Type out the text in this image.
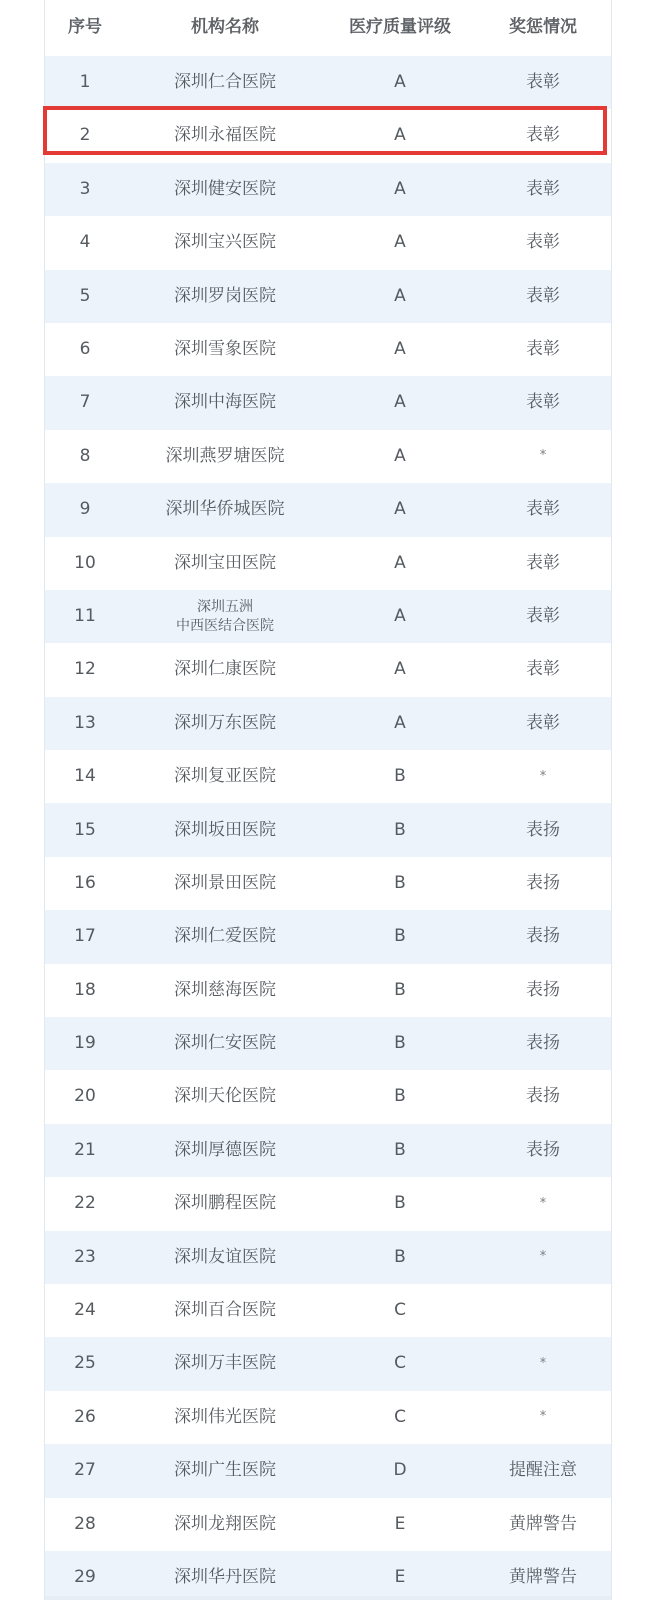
序号	机构名称	医疗质量评级	奖惩情况
1	深圳仁合医院	A	表彰
2	深圳永福医院	A	表彰
3	深圳健安医院	A	表彰
4	深圳宝兴医院	A	表彰
5	深圳罗岗医院	A	表彰
6	深圳雪象医院	A	表彰
7	深圳中海医院	A	表彰
8	深圳燕罗塘医院	A	*
9	深圳华侨城医院	A	表彰
10	深圳宝田医院	A	表彰
11	深圳五洲
中西医结合医院	A	表彰
12	深圳仁康医院	A	表彰
13	深圳万东医院	A	表彰
14	深圳复亚医院	B	*
15	深圳坂田医院	B	表扬
16	深圳景田医院	B	表扬
17	深圳仁爱医院	B	表扬
18	深圳慈海医院	B	表扬
19	深圳仁安医院	B	表扬
20	深圳天伦医院	B	表扬
21	深圳厚德医院	B	表扬
22	深圳鹏程医院	B	*
23	深圳友谊医院	B	*
24	深圳百合医院	C
25	深圳万丰医院	C	*
26	深圳伟光医院	C	*
27	深圳广生医院	D	提醒注意
28	深圳龙翔医院	E	黄牌警告
29	深圳华丹医院	E	黄牌警告
